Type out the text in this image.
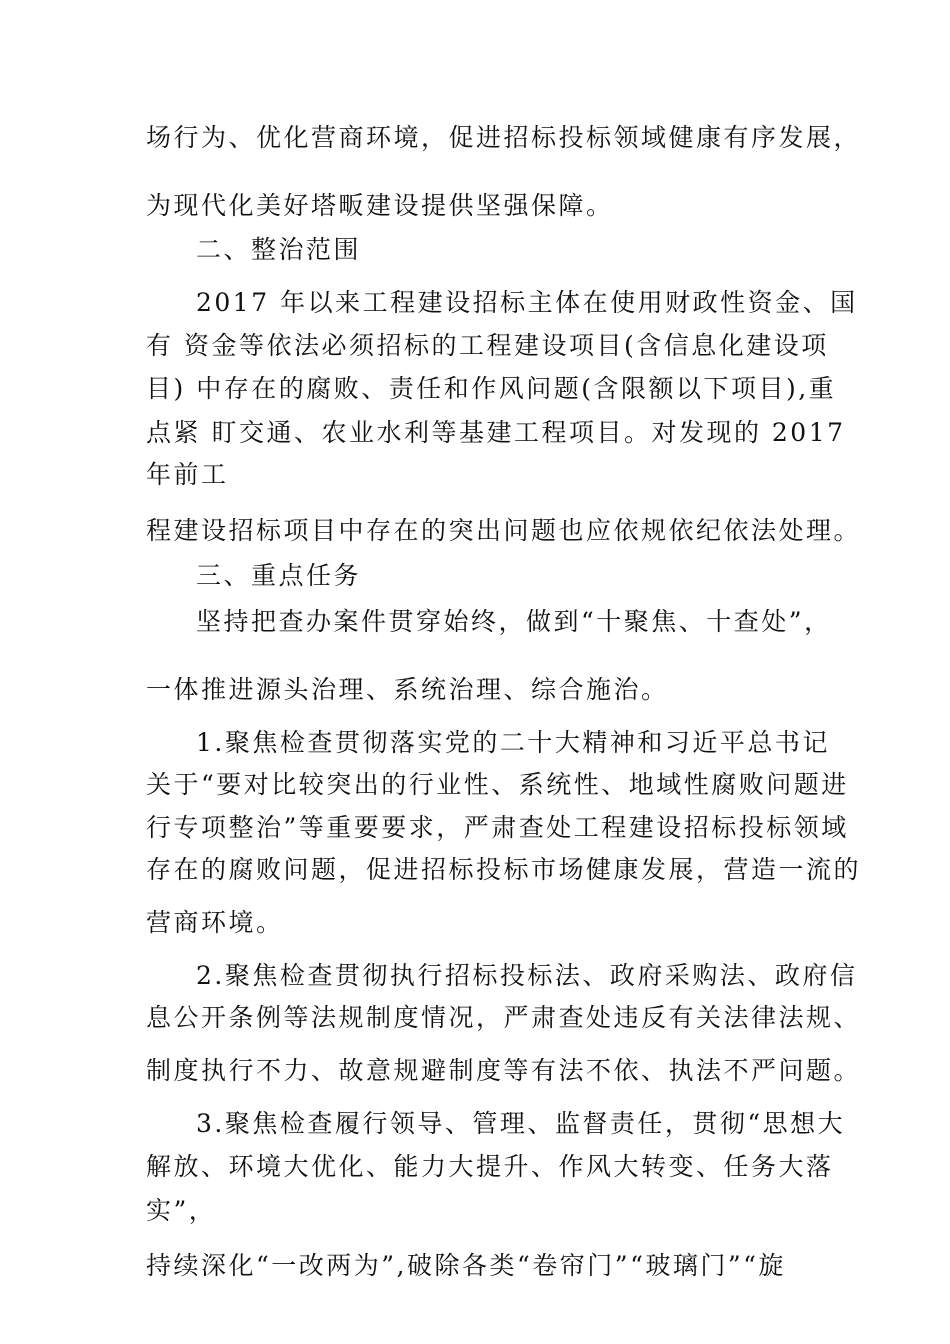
场行为、优化营商环境，促进招标投标领域健康有序发展，
为现代化美好塔畈建设提供坚强保障。
二、整治范围
2017 年以来工程建设招标主体在使用财政性资金、国
有 资金等依法必须招标的工程建设项目(含信息化建设项
目) 中存在的腐败、责任和作风问题(含限额以下项目),重
点紧 盯交通、农业水利等基建工程项目。对发现的 2017
年前工
程建设招标项目中存在的突出问题也应依规依纪依法处理。
三、重点任务
坚持把查办案件贯穿始终，做到“十聚焦、十查处”，
一体推进源头治理、系统治理、综合施治。
1.聚焦检查贯彻落实党的二十大精神和习近平总书记
关于“要对比较突出的行业性、系统性、地域性腐败问题进
行专项整治”等重要要求，严肃查处工程建设招标投标领域
存在的腐败问题，促进招标投标市场健康发展，营造一流的
营商环境。
2.聚焦检查贯彻执行招标投标法、政府采购法、政府信
息公开条例等法规制度情况，严肃查处违反有关法律法规、
制度执行不力、故意规避制度等有法不依、执法不严问题。
3.聚焦检查履行领导、管理、监督责任，贯彻“思想大
解放、环境大优化、能力大提升、作风大转变、任务大落
实”，
持续深化“一改两为”,破除各类“卷帘门”“玻璃门”“旋
